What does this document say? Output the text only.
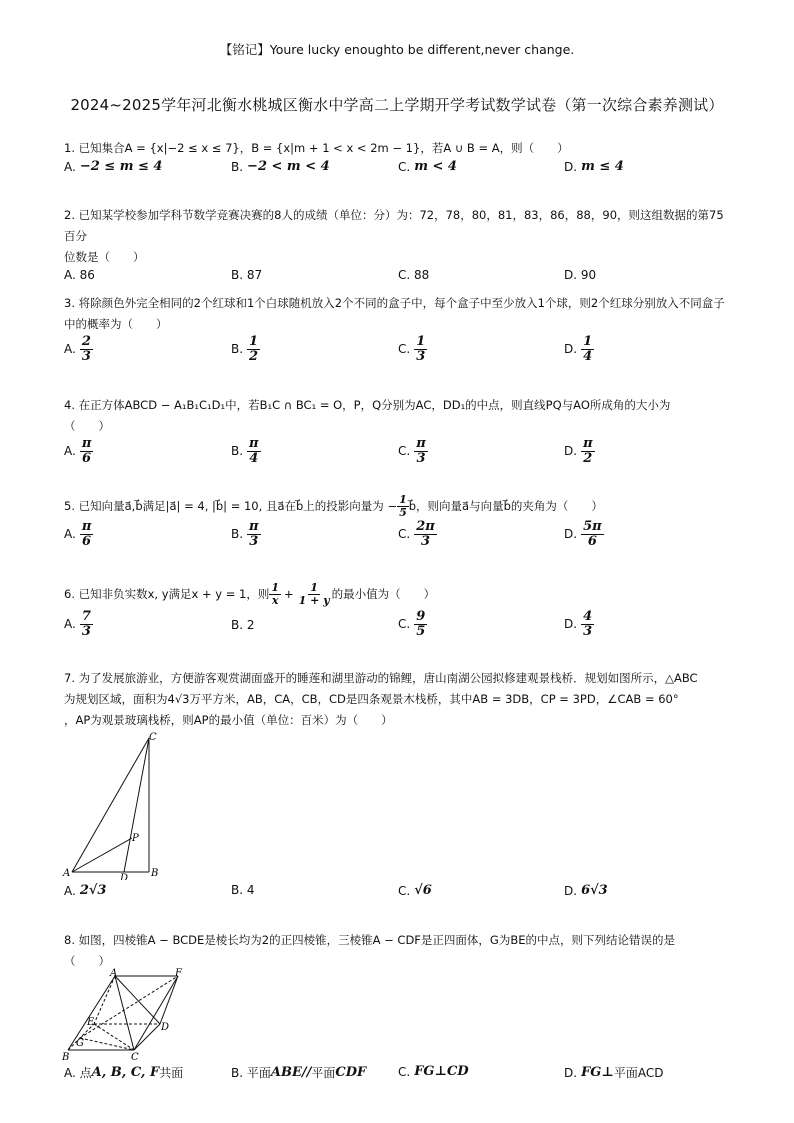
【铭记】Youre lucky enoughto be different,never change.
2024~2025学年河北衡水桃城区衡水中学高二上学期开学考试数学试卷（第一次综合素养测试）
1. 已知集合A = {x|−2 ≤ x ≤ 7}，B = {x|m + 1 < x < 2m − 1}，若A ∪ B = A，则（　　）
A. −2 ≤ m ≤ 4	B. −2 < m < 4	C. m < 4	D. m ≤ 4
2. 已知某学校参加学科节数学竞赛决赛的8人的成绩（单位：分）为：72，78，80，81，83，86，88，90，则这组数据的第75百分
位数是（　　）
A. 86	B. 87	C. 88	D. 90
3. 将除颜色外完全相同的2个红球和1个白球随机放入2个不同的盒子中，每个盒子中至少放入1个球，则2个红球分别放入不同盒子
中的概率为（　　）
A. $\frac{2}{3}$	B. $\frac{1}{2}$	C. $\frac{1}{3}$	D. $\frac{1}{4}$
4. 在正方体ABCD − A₁B₁C₁D₁中，若B₁C ∩ BC₁ = O，P，Q分别为AC，DD₁的中点，则直线PQ与AO所成角的大小为
（　　）
A. $\frac{\pi}{6}$	B. $\frac{\pi}{4}$	C. $\frac{\pi}{3}$	D. $\frac{\pi}{2}$
5. 已知向量a⃗,b⃗满足|a⃗| = 4, |b⃗| = 10, 且a⃗在b⃗上的投影向量为 − $\frac{1}{5}$ b⃗，则向量a⃗与向量b⃗的夹角为（　　）
A. $\frac{\pi}{6}$	B. $\frac{\pi}{3}$	C. $\frac{2\pi}{3}$	D. $\frac{5\pi}{6}$
6. 已知非负实数x, y满足x + y = 1，则 $\frac{1}{x} + \frac{1}{1 + y}$ 的最小值为（　　）
A. $\frac{7}{3}$	B. 2	C. $\frac{9}{5}$	D. $\frac{4}{3}$
7. 为了发展旅游业，方便游客观赏湖面盛开的睡莲和湖里游动的锦鲤，唐山南湖公园拟修建观景栈桥．规划如图所示，△ABC
为规划区域，面积为4√3万平方米，AB，CA，CB，CD是四条观景木栈桥，其中AB = 3DB，CP = 3PD，∠CAB = 60°
，AP为观景玻璃栈桥，则AP的最小值（单位：百米）为（　　）
C
P
A	D B
A. 2√3	B. 4	C. √6	D. 6√3
8. 如图，四棱锥A − BCDE是棱长均为2的正四棱锥，三棱锥A − CDF是正四面体，G为BE的中点，则下列结论错误的是
（　　）
A	F
E	D
G
B	C
A. 点 A, B, C, F 共面	B. 平面 ABE// 平面 CDF	C. FG⊥CD	D. FG⊥ 平面ACD
